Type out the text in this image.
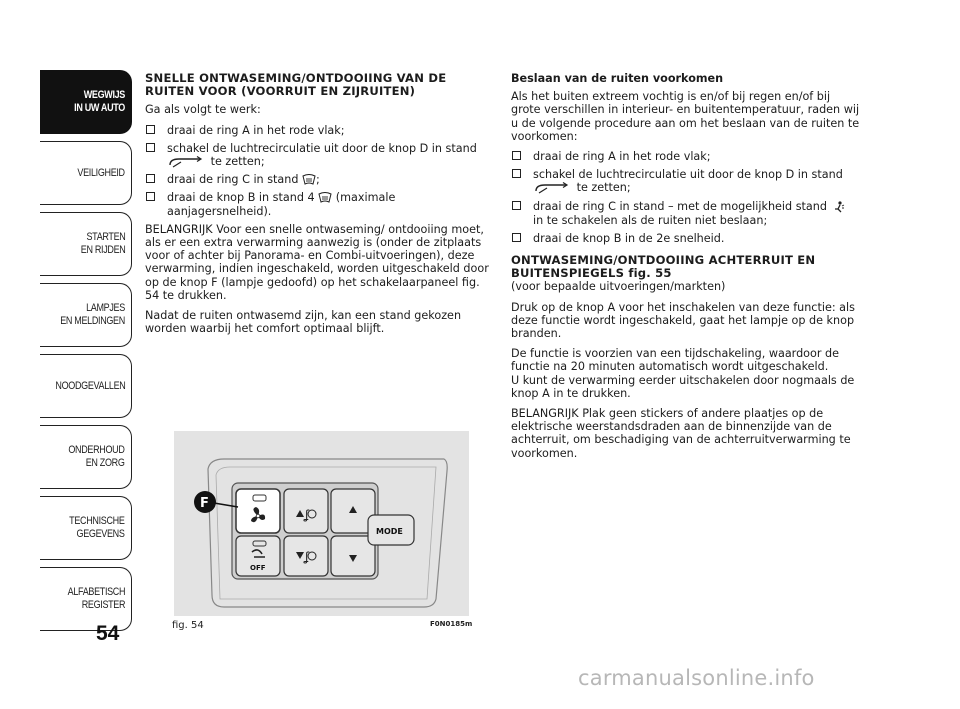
WEGWIJS
IN UW AUTO
VEILIGHEID
STARTEN
EN RIJDEN
LAMPJES
EN MELDINGEN
NOODGEVALLEN
ONDERHOUD
EN ZORG
TECHNISCHE
GEGEVENS
ALFABETISCH
REGISTER
54
SNELLE ONTWASEMING/ONTDOOIING VAN DE RUITEN VOOR (VOORRUIT EN ZIJRUITEN)

Ga als volgt te werk:

draai de ring A in het rode vlak;
schakel de luchtrecirculatie uit door de knop D in stand
te zetten;
draai de ring C in stand ;
draai de knop B in stand 4 (maximale aanjagersnelheid).

BELANGRIJK Voor een snelle ontwaseming/ ontdooiing moet, als er een extra verwarming aanwezig is (onder de zitplaats voor of achter bij Panorama- en Combi-uitvoeringen), deze verwarming, indien ingeschakeld, worden uitgeschakeld door op de knop F (lampje gedoofd) op het schakelaarpaneel fig. 54 te drukken.

Nadat de ruiten ontwasemd zijn, kan een stand gekozen worden waarbij het comfort optimaal blijft.

Beslaan van de ruiten voorkomen

Als het buiten extreem vochtig is en/of bij regen en/of bij grote verschillen in interieur- en buitentemperatuur, raden wij u de volgende procedure aan om het beslaan van de ruiten te voorkomen:

draai de ring A in het rode vlak;
schakel de luchtrecirculatie uit door de knop D in stand
te zetten;
draai de ring C in stand – met de mogelijkheid stand
in te schakelen als de ruiten niet beslaan;
draai de knop B in de 2e snelheid.
ONTWASEMING/ONTDOOIING ACHTERRUIT EN BUITENSPIEGELS fig. 55

(voor bepaalde uitvoeringen/markten)

Druk op de knop A voor het inschakelen van deze functie: als deze functie wordt ingeschakeld, gaat het lampje op de knop branden.

De functie is voorzien van een tijdschakeling, waardoor de functie na 20 minuten automatisch wordt uitgeschakeld.

U kunt de verwarming eerder uitschakelen door nogmaals de knop A in te drukken.

BELANGRIJK Plak geen stickers of andere plaatjes op de elektrische weerstandsdraden aan de binnenzijde van de achterruit, om beschadiging van de achterruitverwarming te voorkomen.

OFF
ʆ
ʆ
MODE
F
fig. 54	F0N0185m
carmanualsonline.info
